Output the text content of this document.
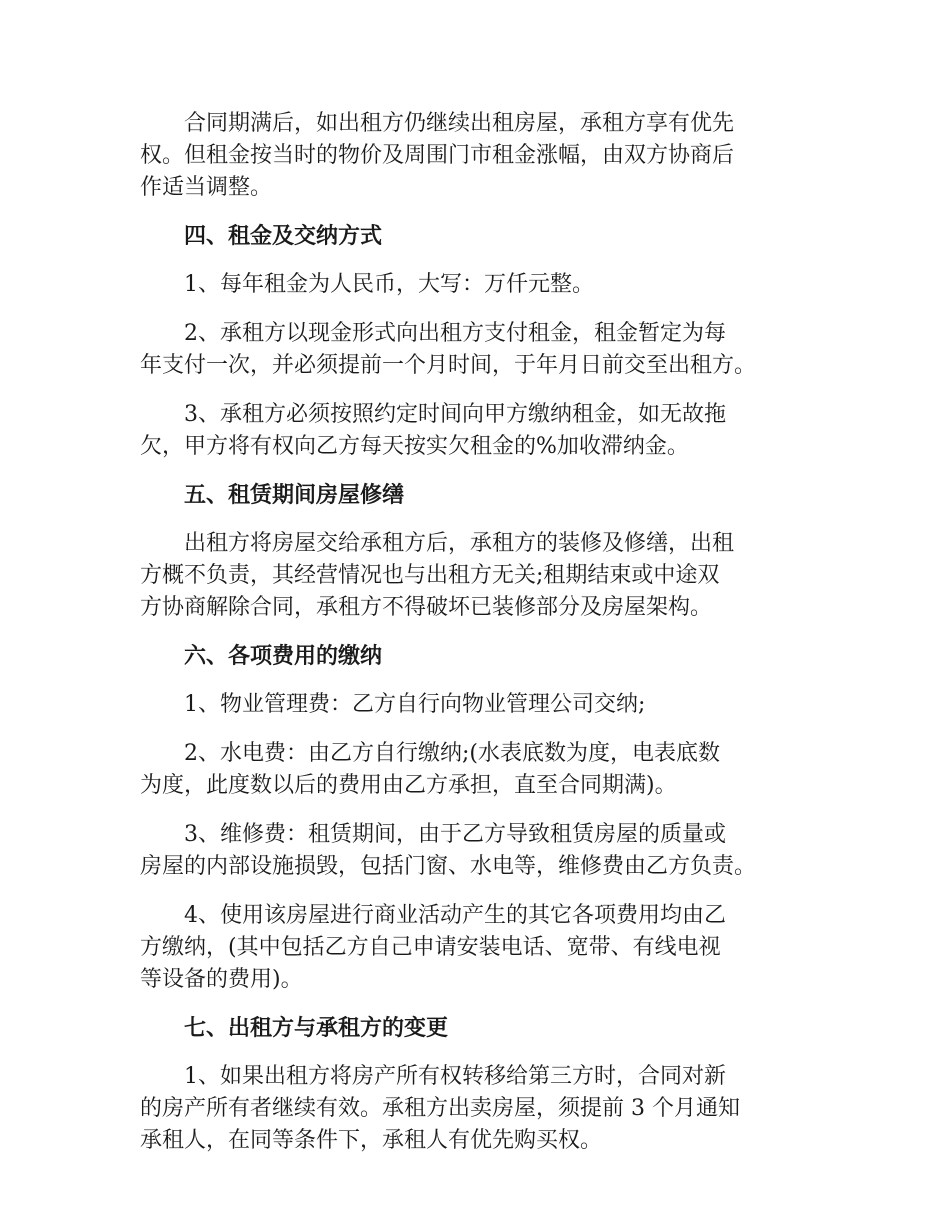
合同期满后，如出租方仍继续出租房屋，承租方享有优先
权。但租金按当时的物价及周围门市租金涨幅，由双方协商后
作适当调整。
四、租金及交纳方式
1、每年租金为人民币，大写：万仟元整。
2、承租方以现金形式向出租方支付租金，租金暂定为每
年支付一次，并必须提前一个月时间，于年月日前交至出租方。
3、承租方必须按照约定时间向甲方缴纳租金，如无故拖
欠，甲方将有权向乙方每天按实欠租金的%加收滞纳金。
五、租赁期间房屋修缮
出租方将房屋交给承租方后，承租方的装修及修缮，出租
方概不负责，其经营情况也与出租方无关;租期结束或中途双
方协商解除合同，承租方不得破坏已装修部分及房屋架构。
六、各项费用的缴纳
1、物业管理费：乙方自行向物业管理公司交纳;
2、水电费：由乙方自行缴纳;(水表底数为度，电表底数
为度，此度数以后的费用由乙方承担，直至合同期满)。
3、维修费：租赁期间，由于乙方导致租赁房屋的质量或
房屋的内部设施损毁，包括门窗、水电等，维修费由乙方负责。
4、使用该房屋进行商业活动产生的其它各项费用均由乙
方缴纳，(其中包括乙方自己申请安装电话、宽带、有线电视
等设备的费用)。
七、出租方与承租方的变更
1、如果出租方将房产所有权转移给第三方时，合同对新
的房产所有者继续有效。承租方出卖房屋，须提前 3 个月通知
承租人，在同等条件下，承租人有优先购买权。
